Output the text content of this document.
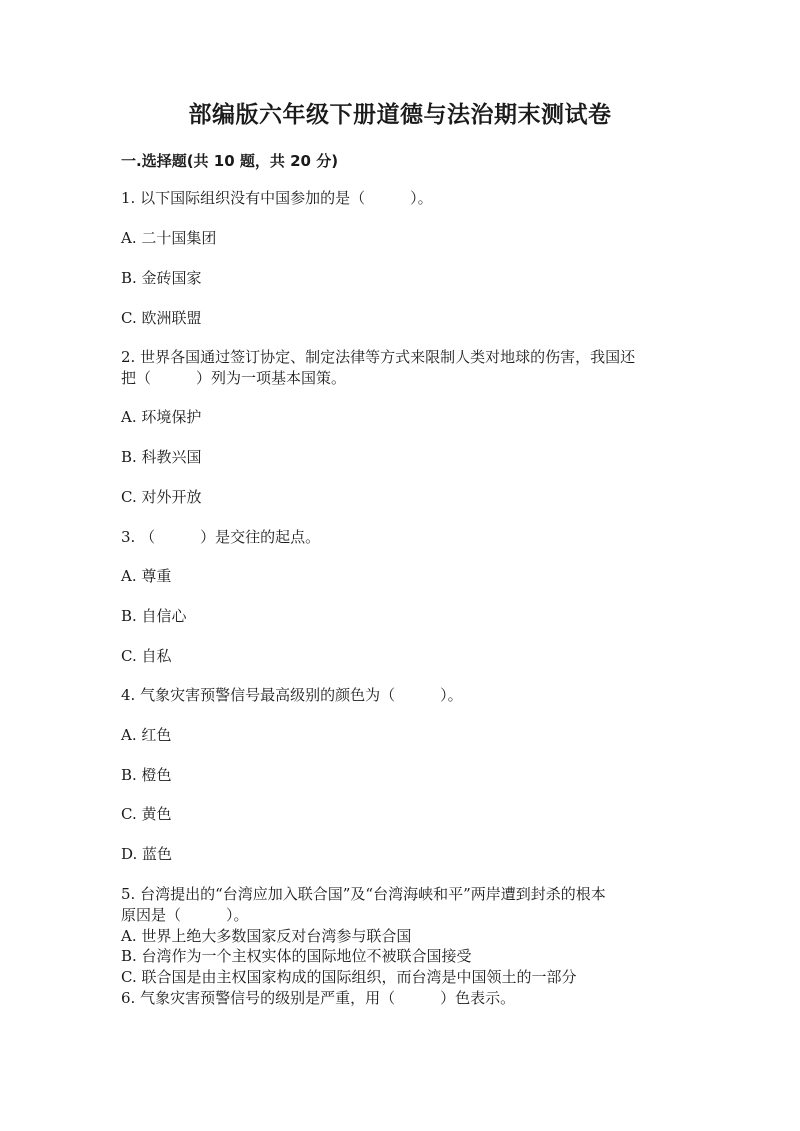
部编版六年级下册道德与法治期末测试卷
一.选择题(共 10 题，共 20 分)
1. 以下国际组织没有中国参加的是（　　　）。
A. 二十国集团
B. 金砖国家
C. 欧洲联盟
2. 世界各国通过签订协定、制定法律等方式来限制人类对地球的伤害，我国还
把（　　　）列为一项基本国策。
A. 环境保护
B. 科教兴国
C. 对外开放
3. （　　　）是交往的起点。
A. 尊重
B. 自信心
C. 自私
4. 气象灾害预警信号最高级别的颜色为（　　　）。
A. 红色
B. 橙色
C. 黄色
D. 蓝色
5. 台湾提出的“台湾应加入联合国”及“台湾海峡和平”两岸遭到封杀的根本
原因是（　　　）。
A. 世界上绝大多数国家反对台湾参与联合国
B. 台湾作为一个主权实体的国际地位不被联合国接受
C. 联合国是由主权国家构成的国际组织，而台湾是中国领土的一部分
6. 气象灾害预警信号的级别是严重，用（　　　）色表示。
